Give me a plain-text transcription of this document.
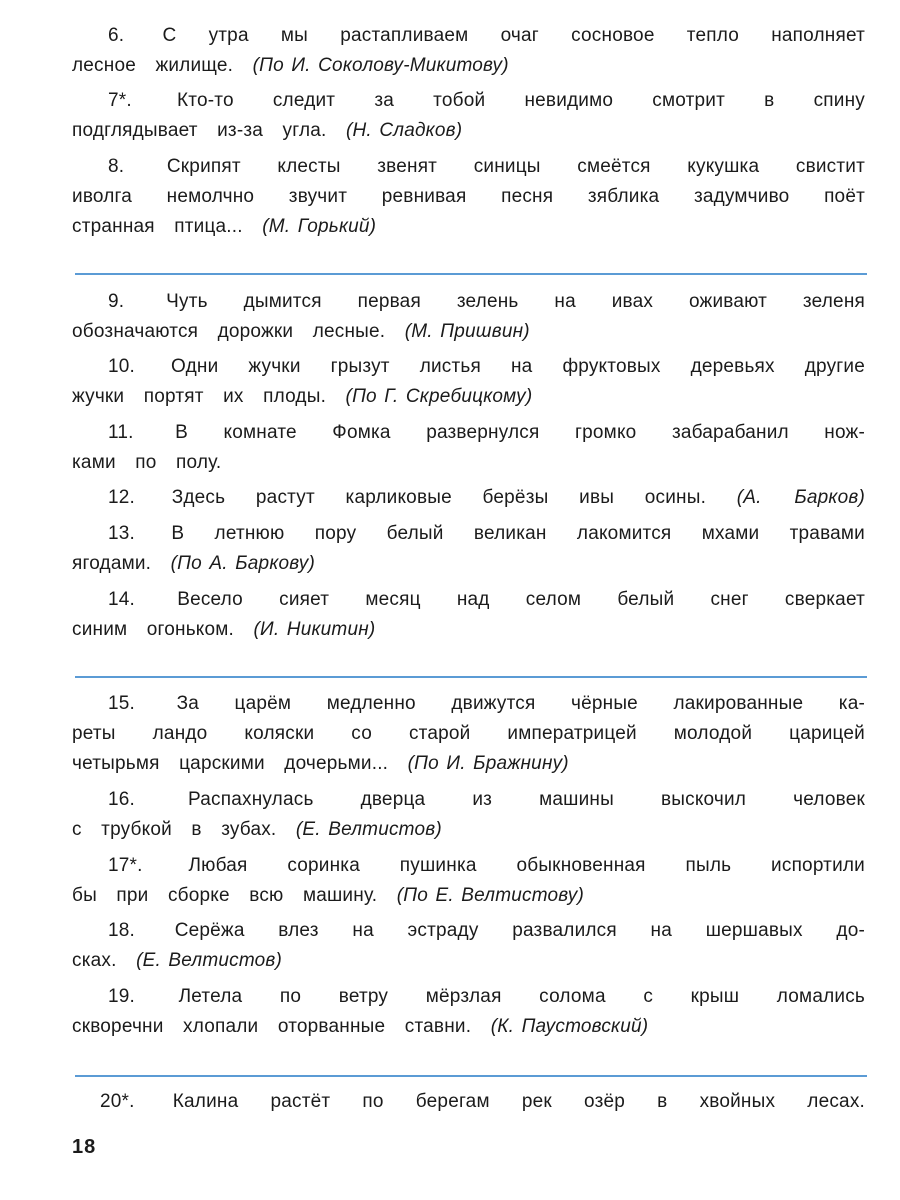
6. С утра мы растапливаем очаг сосновое тепло наполняет
лесное жилище. (По И. Соколову-Микитову)
7*. Кто-то следит за тобой невидимо смотрит в спину
подглядывает из-за угла. (Н. Сладков)
8. Скрипят клесты звенят синицы смеётся кукушка свистит
иволга немолчно звучит ревнивая песня зяблика задумчиво поёт
странная птица... (М. Горький)
9. Чуть дымится первая зелень на ивах оживают зеленя
обозначаются дорожки лесные. (М. Пришвин)
10. Одни жучки грызут листья на фруктовых деревьях другие
жучки портят их плоды. (По Г. Скребицкому)
11. В комнате Фомка развернулся громко забарабанил нож-
ками по полу.
12. Здесь растут карликовые берёзы ивы осины. (А. Барков)
13. В летнюю пору белый великан лакомится мхами травами
ягодами. (По А. Баркову)
14. Весело сияет месяц над селом белый снег сверкает
синим огоньком. (И. Никитин)
15. За царём медленно движутся чёрные лакированные ка-
реты ландо коляски со старой императрицей молодой царицей
четырьмя царскими дочерьми... (По И. Бражнину)
16.	Распахнулась дверца из машины выскочил человек
с трубкой в зубах. (Е. Велтистов)
17*. Любая соринка пушинка обыкновенная пыль испортили
бы при сборке всю машину. (По Е. Велтистову)
18. Серёжа влез на эстраду развалился на шершавых до-
сках. (Е. Велтистов)
19. Летела по ветру мёрзлая солома с крыш ломались
скворечни хлопали оторванные ставни. (К. Паустовский)
20*. Калина растёт по берегам рек озёр в хвойных лесах.
18
